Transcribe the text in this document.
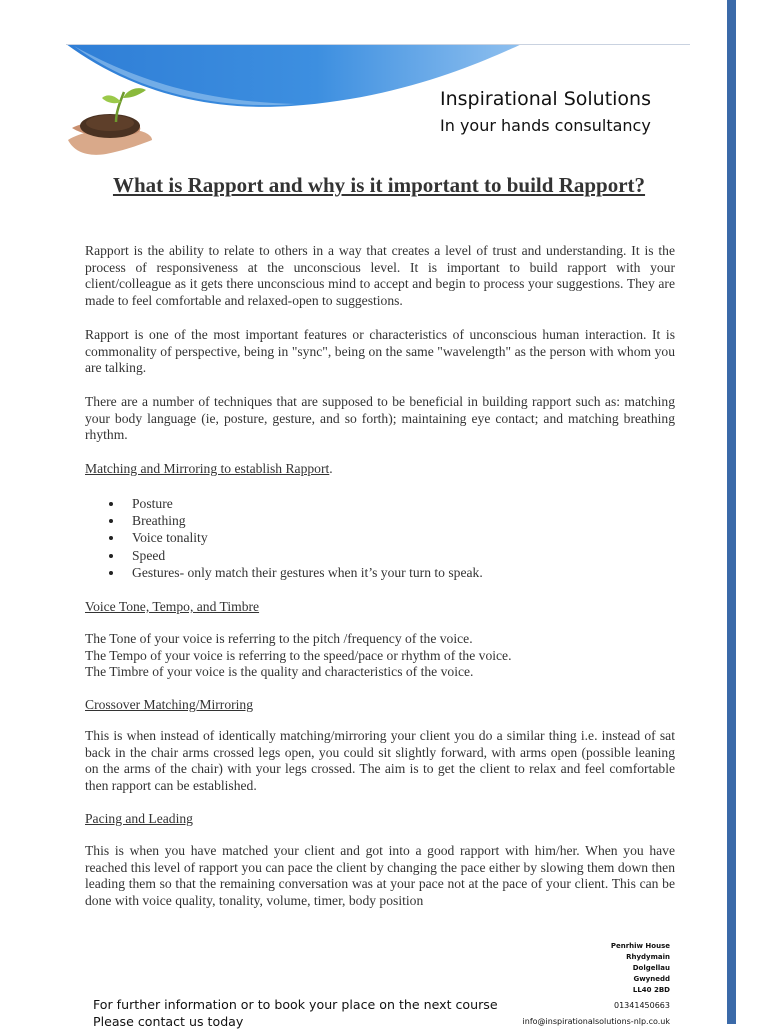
Inspirational Solutions
In your hands consultancy
What is Rapport and why is it important to build Rapport?

Rapport is the ability to relate to others in a way that creates a level of trust and understanding. It is the process of responsiveness at the unconscious level. It is important to build rapport with your client/colleague as it gets there unconscious mind to accept and begin to process your suggestions. They are made to feel comfortable and relaxed-open to suggestions.

Rapport is one of the most important features or characteristics of unconscious human interaction. It is commonality of perspective, being in "sync", being on the same "wavelength" as the person with whom you are talking.

There are a number of techniques that are supposed to be beneficial in building rapport such as: matching your body language (ie, posture, gesture, and so forth); maintaining eye contact; and matching breathing rhythm.

Matching and Mirroring to establish Rapport.

Posture
Breathing
Voice tonality
Speed
Gestures- only match their gestures when it’s your turn to speak.

Voice Tone, Tempo, and Timbre

The Tone of your voice is referring to the pitch /frequency of the voice.
The Tempo of your voice is referring to the speed/pace or rhythm of the voice.
The Timbre of your voice is the quality and characteristics of the voice.

Crossover Matching/Mirroring

This is when instead of identically matching/mirroring your client you do a similar thing i.e. instead of sat back in the chair arms crossed legs open, you could sit slightly forward, with arms open (possible leaning on the arms of the chair) with your legs crossed. The aim is to get the client to relax and feel comfortable then rapport can be established.

Pacing and Leading

This is when you have matched your client and got into a good rapport with him/her. When you have reached this level of rapport you can pace the client by changing the pace either by slowing them down then leading them so that the remaining conversation was at your pace not at the pace of your client. This can be done with voice quality, tonality, volume, timer, body position

Penrhiw House
Rhydymain
Dolgellau
Gwynedd
LL40 2BD
01341450663
info@inspirationalsolutions-nlp.co.uk
For further information or to book your place on the next course
Please contact us today
